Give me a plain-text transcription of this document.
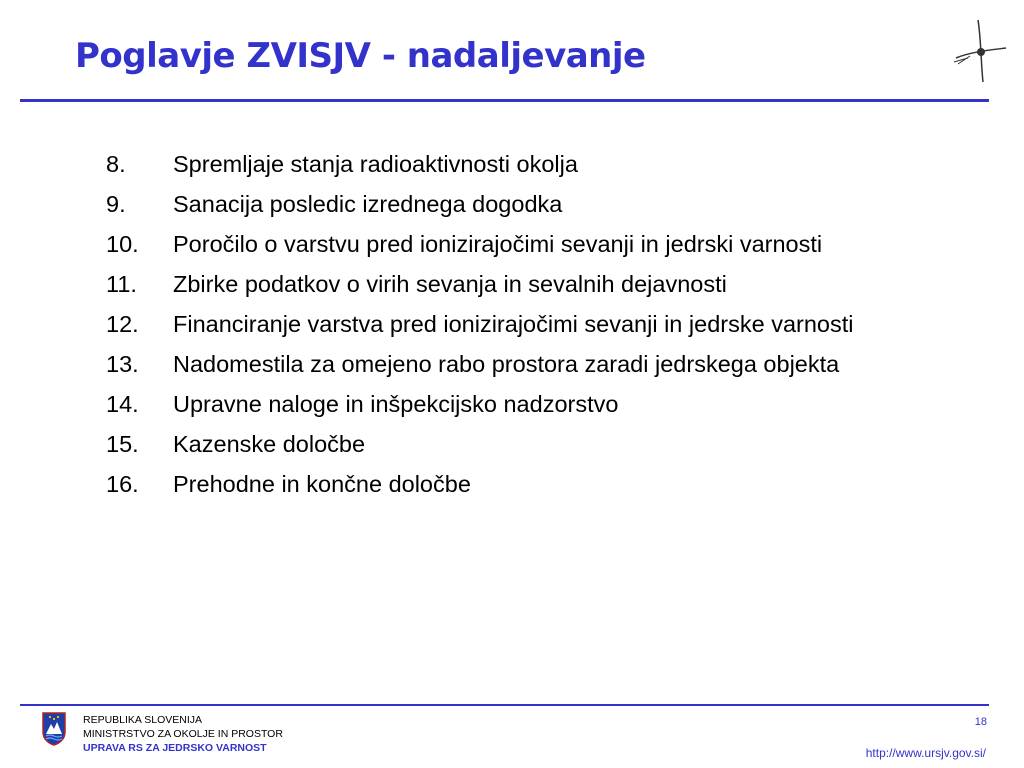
Poglavje ZVISJV - nadaljevanje
8.	Spremljaje stanja radioaktivnosti okolja
9.	Sanacija posledic izrednega dogodka
10.	Poročilo o varstvu pred ionizirajočimi sevanji in jedrski varnosti
11.	Zbirke podatkov o virih sevanja in sevalnih dejavnosti
12.	Financiranje varstva pred ionizirajočimi sevanji in jedrske varnosti
13.	Nadomestila za omejeno rabo prostora zaradi jedrskega objekta
14.	Upravne naloge in inšpekcijsko nadzorstvo
15.	Kazenske določbe
16.	Prehodne in končne določbe
REPUBLIKA SLOVENIJA
MINISTRSTVO ZA OKOLJE IN PROSTOR
UPRAVA RS ZA JEDRSKO VARNOST
18
http://www.ursjv.gov.si/
